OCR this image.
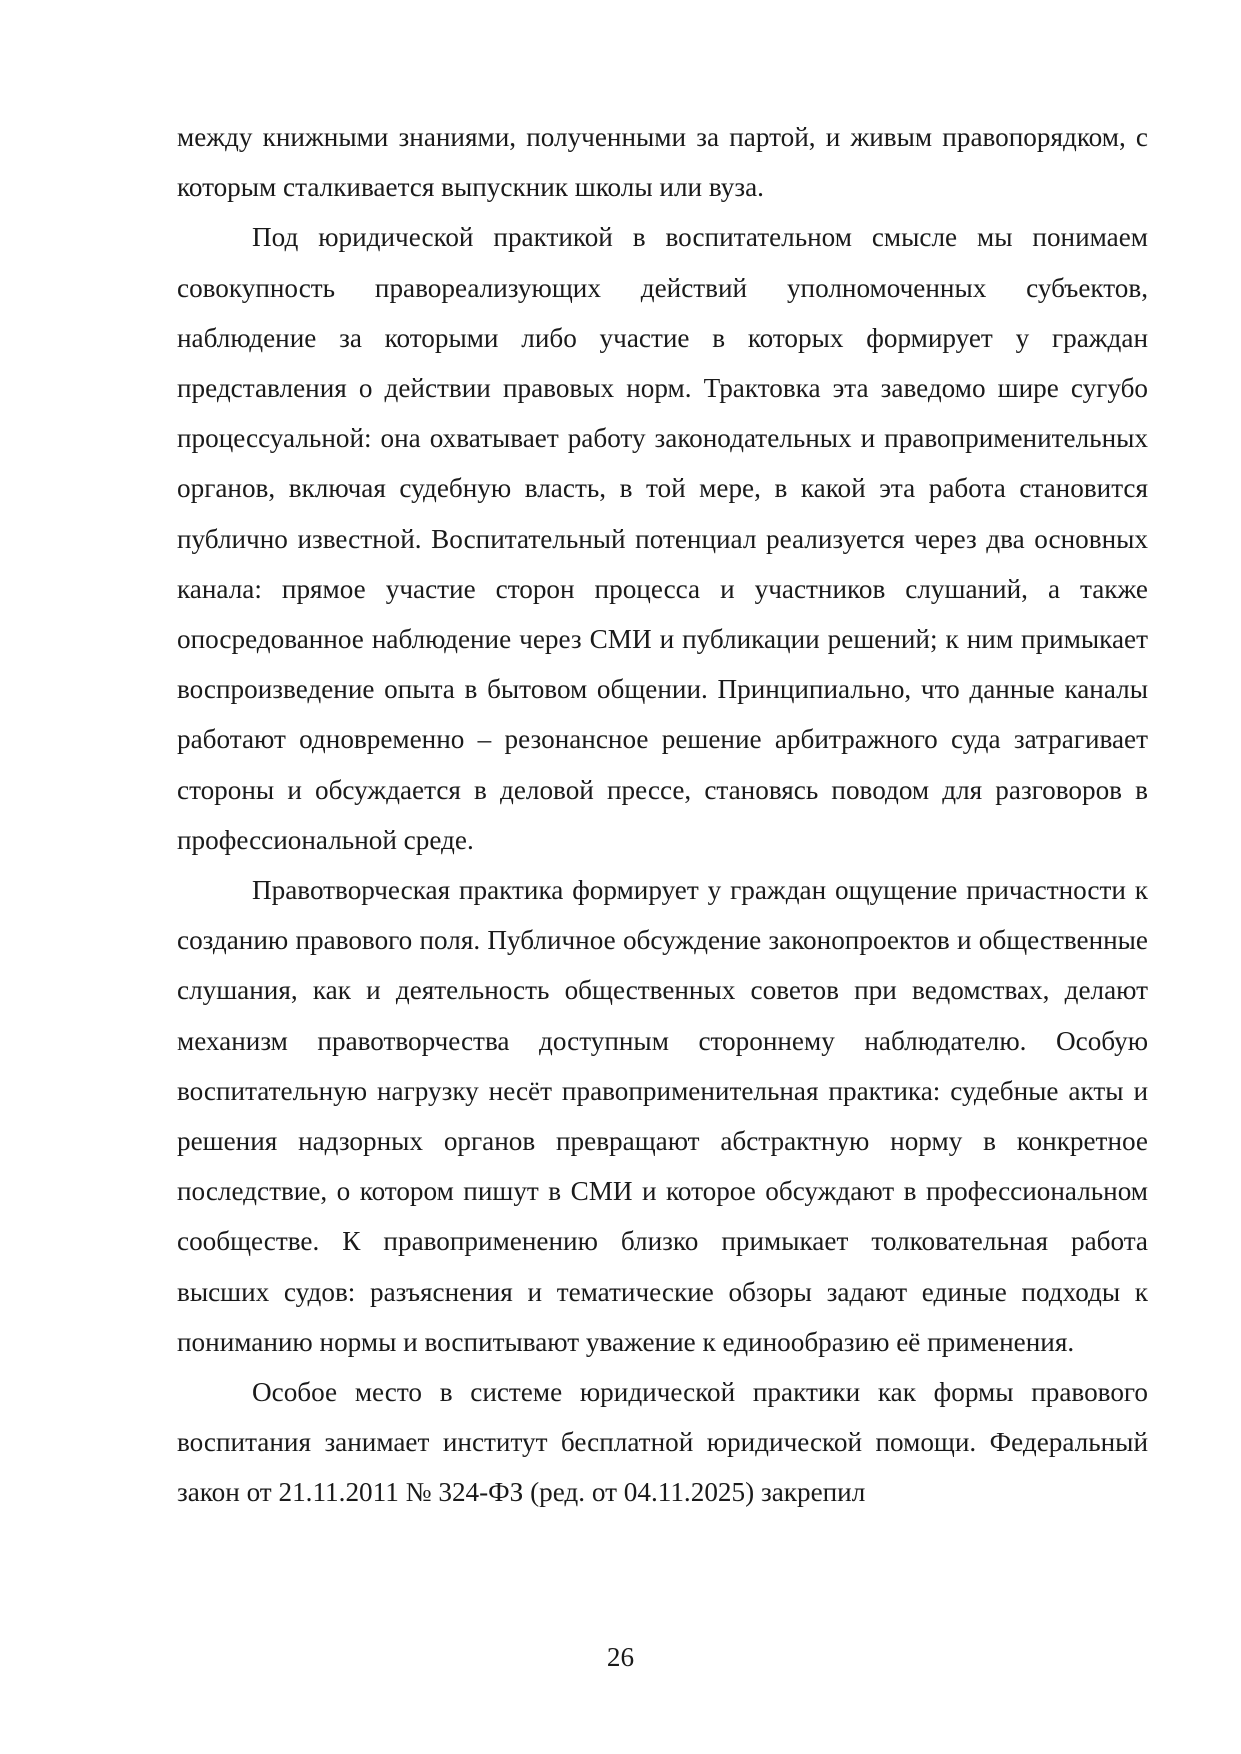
между книжными знаниями, полученными за партой, и живым правопорядком, с которым сталкивается выпускник школы или вуза.

Под юридической практикой в воспитательном смысле мы понимаем совокупность правореализующих действий уполномоченных субъектов, наблюдение за которыми либо участие в которых формирует у граждан представления о действии правовых норм. Трактовка эта заведомо шире сугубо процессуальной: она охватывает работу законодательных и правоприменительных органов, включая судебную власть, в той мере, в какой эта работа становится публично известной. Воспитательный потенциал реализуется через два основных канала: прямое участие сторон процесса и участников слушаний, а также опосредованное наблюдение через СМИ и публикации решений; к ним примыкает воспроизведение опыта в бытовом общении. Принципиально, что данные каналы работают одновременно – резонансное решение арбитражного суда затрагивает стороны и обсуждается в деловой прессе, становясь поводом для разговоров в профессиональной среде.

Правотворческая практика формирует у граждан ощущение причастности к созданию правового поля. Публичное обсуждение законопроектов и общественные слушания, как и деятельность общественных советов при ведомствах, делают механизм правотворчества доступным стороннему наблюдателю. Особую воспитательную нагрузку несёт правоприменительная практика: судебные акты и решения надзорных органов превращают абстрактную норму в конкретное последствие, о котором пишут в СМИ и которое обсуждают в профессиональном сообществе. К правоприменению близко примыкает толковательная работа высших судов: разъяснения и тематические обзоры задают единые подходы к пониманию нормы и воспитывают уважение к единообразию её применения.

Особое место в системе юридической практики как формы правового воспитания занимает институт бесплатной юридической помощи. Федеральный закон от 21.11.2011 № 324-ФЗ (ред. от 04.11.2025) закрепил

26
